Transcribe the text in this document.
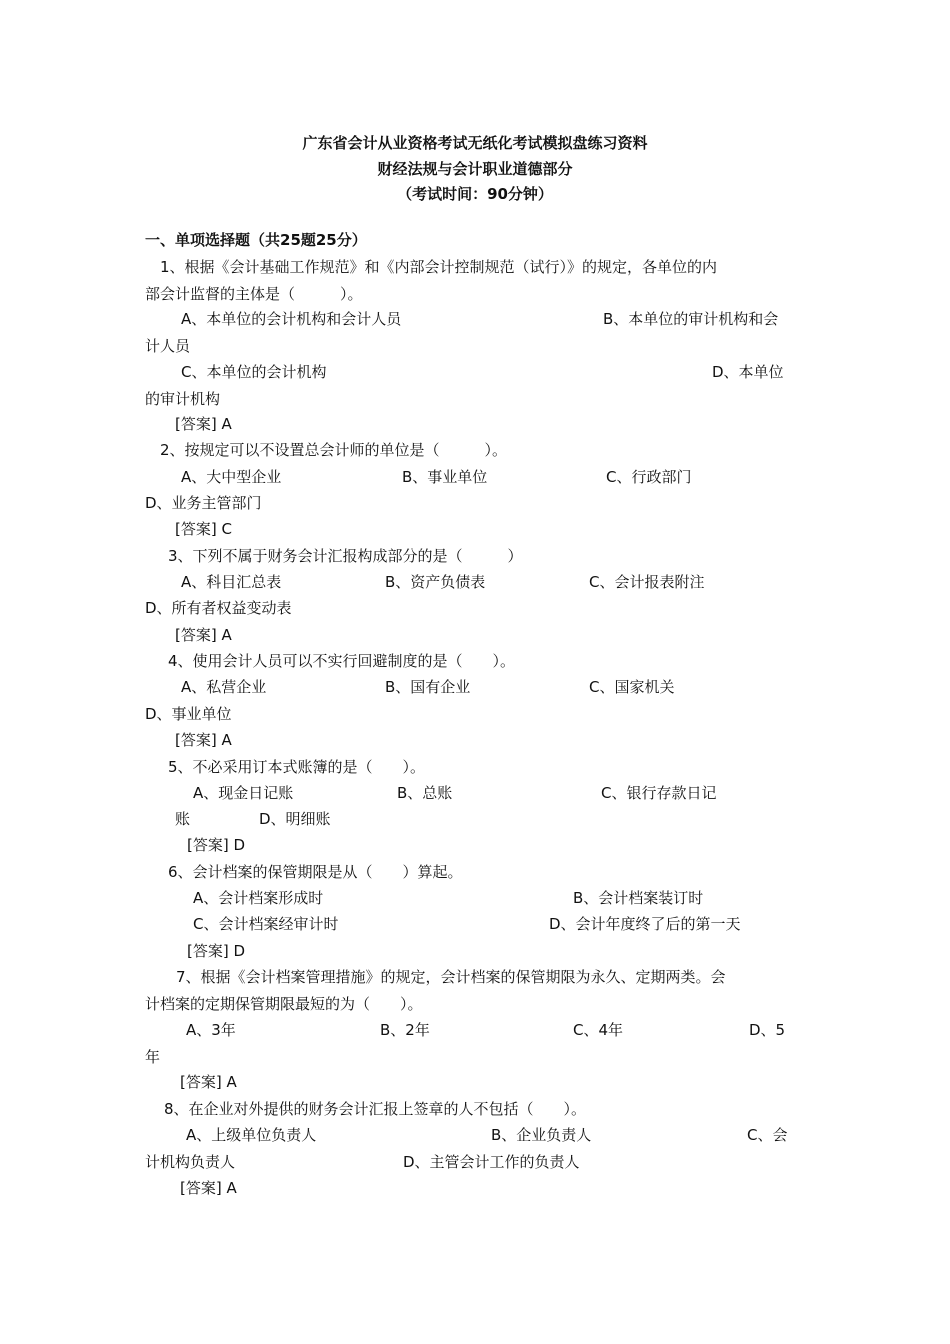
广东省会计从业资格考试无纸化考试模拟盘练习资料
财经法规与会计职业道德部分
（考试时间：90分钟）
一、单项选择题（共25题25分）
1、根据《会计基础工作规范》和《内部会计控制规范（试行）》的规定，各单位的内
部会计监督的主体是（　　　）。
A、本单位的会计机构和会计人员	B、本单位的审计机构和会
计人员
C、本单位的会计机构	D、本单位
的审计机构
[答案] A
2、按规定可以不设置总会计师的单位是（　　　）。
A、大中型企业	B、事业单位	C、行政部门
D、业务主管部门
[答案] C
3、下列不属于财务会计汇报构成部分的是（　　　）
A、科目汇总表	B、资产负债表	C、会计报表附注
D、所有者权益变动表
[答案] A
4、使用会计人员可以不实行回避制度的是（　　）。
A、私营企业	B、国有企业	C、国家机关
D、事业单位
[答案] A
5、不必采用订本式账簿的是（　　）。
A、现金日记账	B、总账	C、银行存款日记
账	D、明细账
[答案] D
6、会计档案的保管期限是从（　　）算起。
A、会计档案形成时	B、会计档案装订时
C、会计档案经审计时	D、会计年度终了后的第一天
[答案] D
7、根据《会计档案管理措施》的规定，会计档案的保管期限为永久、定期两类。会
计档案的定期保管期限最短的为（　　）。
A、3年	B、2年	C、4年	D、5
年
[答案] A
8、在企业对外提供的财务会计汇报上签章的人不包括（　　）。
A、上级单位负责人	B、企业负责人	C、会
计机构负责人	D、主管会计工作的负责人
[答案] A
